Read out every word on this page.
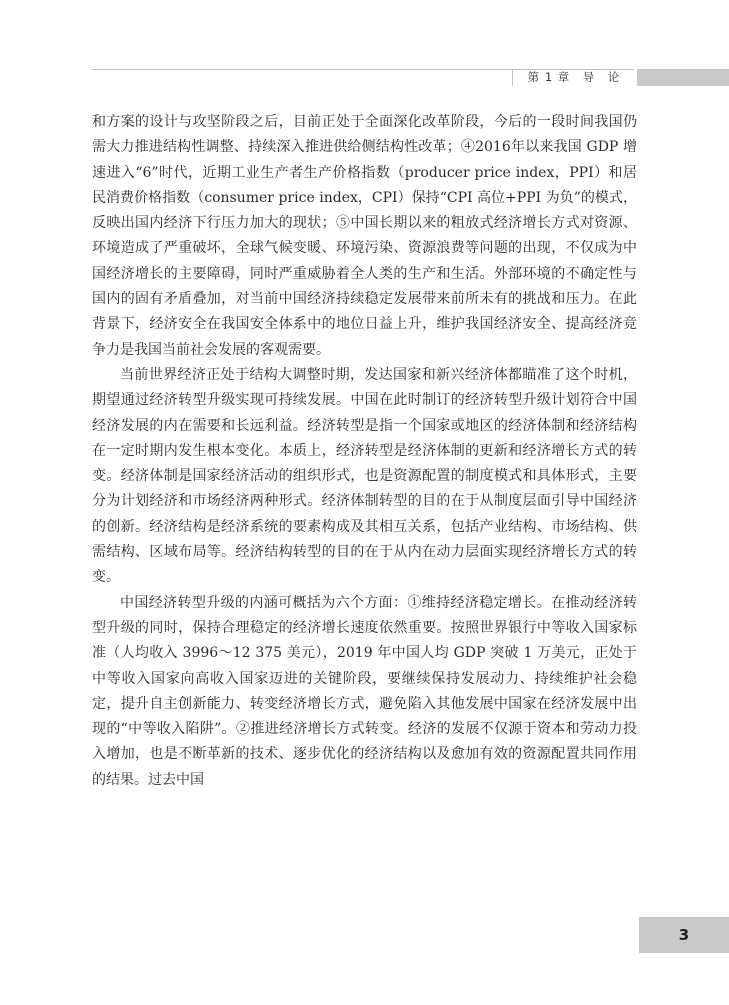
第 1 章　导　论

和方案的设计与攻坚阶段之后，目前正处于全面深化改革阶段，今后的一段时间我国仍需大力推进结构性调整、持续深入推进供给侧结构性改革；④2016年以来我国 GDP 增速进入“6”时代，近期工业生产者生产价格指数（producer price index，PPI）和居民消费价格指数（consumer price index，CPI）保持“CPI 高位+PPI 为负”的模式，反映出国内经济下行压力加大的现状；⑤中国长期以来的粗放式经济增长方式对资源、环境造成了严重破坏，全球气候变暖、环境污染、资源浪费等问题的出现，不仅成为中国经济增长的主要障碍，同时严重威胁着全人类的生产和生活。外部环境的不确定性与国内的固有矛盾叠加，对当前中国经济持续稳定发展带来前所未有的挑战和压力。在此背景下，经济安全在我国安全体系中的地位日益上升，维护我国经济安全、提高经济竞争力是我国当前社会发展的客观需要。

当前世界经济正处于结构大调整时期，发达国家和新兴经济体都瞄准了这个时机，期望通过经济转型升级实现可持续发展。中国在此时制订的经济转型升级计划符合中国经济发展的内在需要和长远利益。经济转型是指一个国家或地区的经济体制和经济结构在一定时期内发生根本变化。本质上，经济转型是经济体制的更新和经济增长方式的转变。经济体制是国家经济活动的组织形式，也是资源配置的制度模式和具体形式，主要分为计划经济和市场经济两种形式。经济体制转型的目的在于从制度层面引导中国经济的创新。经济结构是经济系统的要素构成及其相互关系，包括产业结构、市场结构、供需结构、区域布局等。经济结构转型的目的在于从内在动力层面实现经济增长方式的转变。

中国经济转型升级的内涵可概括为六个方面：①维持经济稳定增长。在推动经济转型升级的同时，保持合理稳定的经济增长速度依然重要。按照世界银行中等收入国家标准（人均收入 3996～12 375 美元），2019 年中国人均 GDP 突破 1 万美元，正处于中等收入国家向高收入国家迈进的关键阶段，要继续保持发展动力、持续维护社会稳定，提升自主创新能力、转变经济增长方式，避免陷入其他发展中国家在经济发展中出现的“中等收入陷阱”。②推进经济增长方式转变。经济的发展不仅源于资本和劳动力投入增加，也是不断革新的技术、逐步优化的经济结构以及愈加有效的资源配置共同作用的结果。过去中国

3
